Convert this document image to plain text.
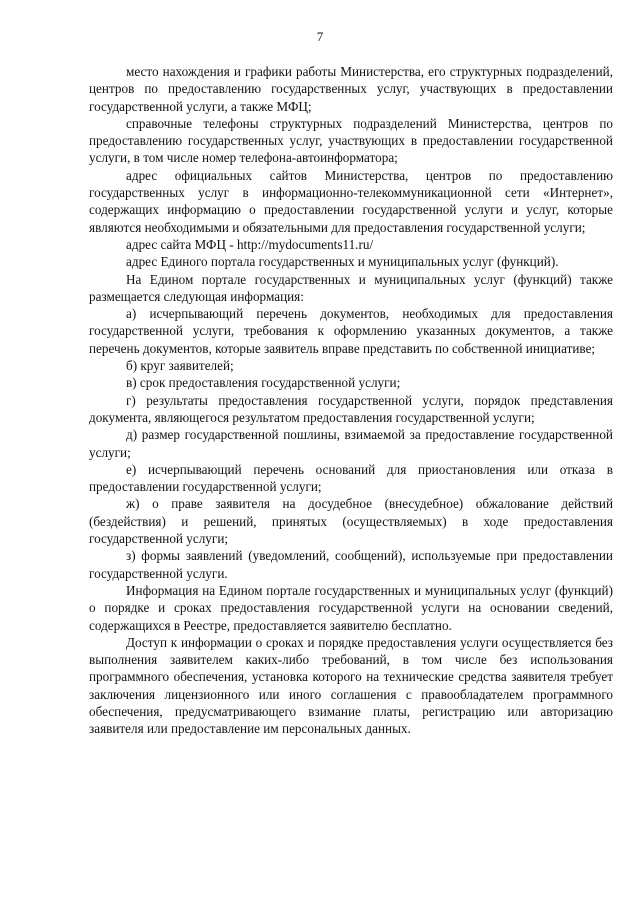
7

место нахождения и графики работы Министерства, его структурных подразделений, центров по предоставлению государственных услуг, участвующих в предоставлении государственной услуги, а также МФЦ;

справочные телефоны структурных подразделений Министерства, центров по предоставлению государственных услуг, участвующих в предоставлении государственной услуги, в том числе номер телефона-автоинформатора;

адрес официальных сайтов Министерства, центров по предоставлению государственных услуг в информационно-телекоммуникационной сети «Интернет», содержащих информацию о предоставлении государственной услуги и услуг, которые являются необходимыми и обязательными для предоставления государственной услуги;

адрес сайта МФЦ - http://mydocuments11.ru/

адрес Единого портала государственных и муниципальных услуг (функций).

На Едином портале государственных и муниципальных услуг (функций) также размещается следующая информация:

а) исчерпывающий перечень документов, необходимых для предоставления государственной услуги, требования к оформлению указанных документов, а также перечень документов, которые заявитель вправе представить по собственной инициативе;

б) круг заявителей;

в) срок предоставления государственной услуги;

г) результаты предоставления государственной услуги, порядок представления документа, являющегося результатом предоставления государственной услуги;

д) размер государственной пошлины, взимаемой за предоставление государственной услуги;

е) исчерпывающий перечень оснований для приостановления или отказа в предоставлении государственной услуги;

ж) о праве заявителя на досудебное (внесудебное) обжалование действий (бездействия) и решений, принятых (осуществляемых) в ходе предоставления государственной услуги;

з) формы заявлений (уведомлений, сообщений), используемые при предоставлении государственной услуги.

Информация на Едином портале государственных и муниципальных услуг (функций) о порядке и сроках предоставления государственной услуги на основании сведений, содержащихся в Реестре, предоставляется заявителю бесплатно.

Доступ к информации о сроках и порядке предоставления услуги осуществляется без выполнения заявителем каких-либо требований, в том числе без использования программного обеспечения, установка которого на технические средства заявителя требует заключения лицензионного или иного соглашения с правообладателем программного обеспечения, предусматривающего взимание платы, регистрацию или авторизацию заявителя или предоставление им персональных данных.
